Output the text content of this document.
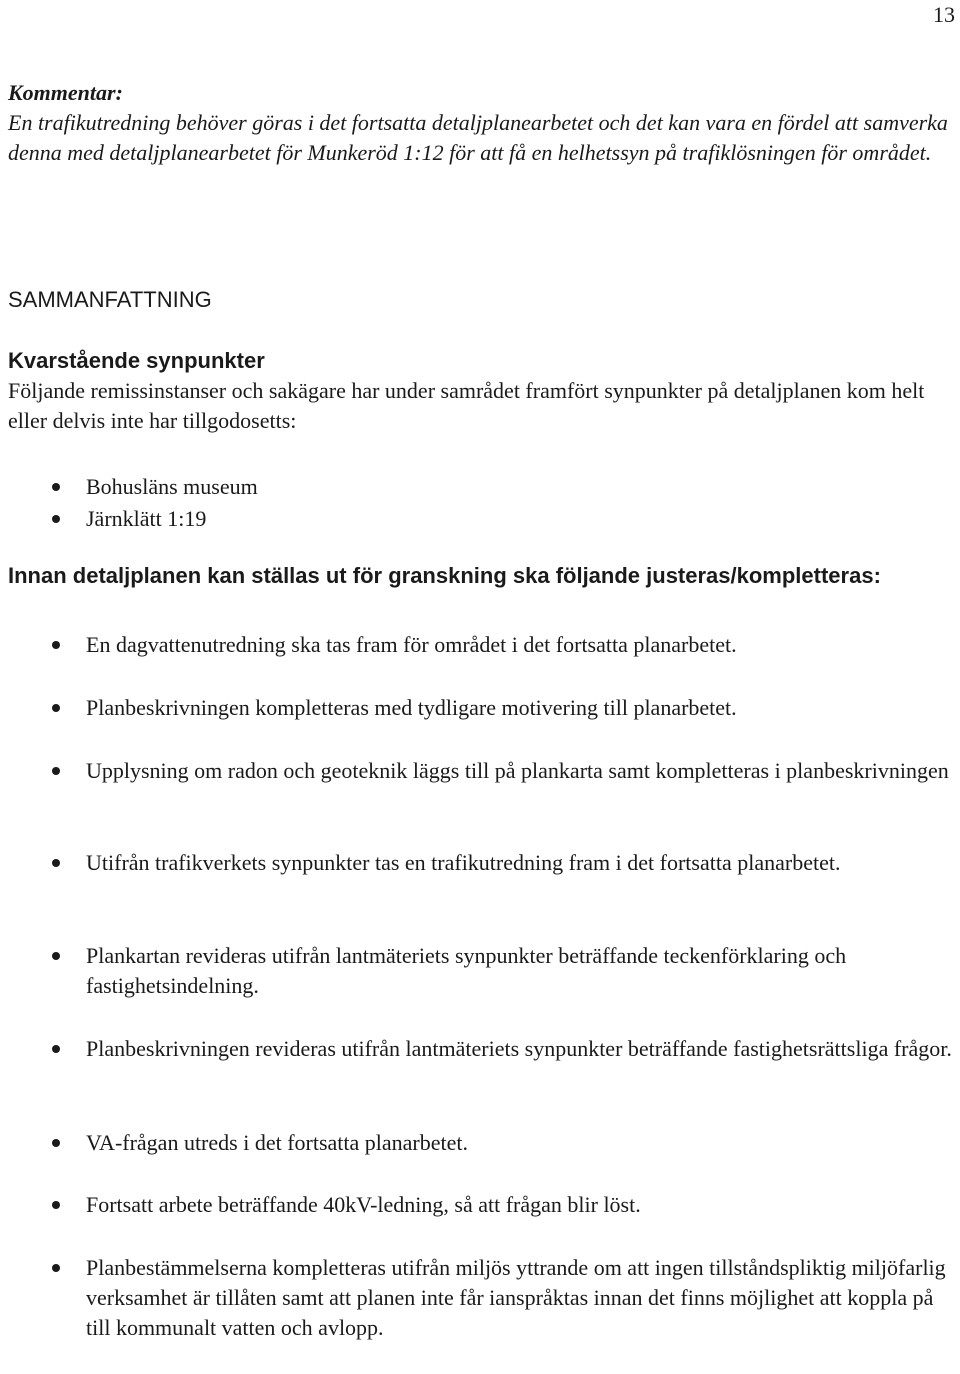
13

Kommentar:

En trafikutredning behöver göras i det fortsatta detaljplanearbetet och det kan vara en fördel att samverka denna med detaljplanearbetet för Munkeröd 1:12 för att få en helhetssyn på trafiklösningen för området.

SAMMANFATTNING
Kvarstående synpunkter

Följande remissinstanser och sakägare har under samrådet framfört synpunkter på detaljplanen kom helt eller delvis inte har tillgodosetts:

Bohusläns museum
Järnklätt 1:19
Innan detaljplanen kan ställas ut för granskning ska följande justeras/kompletteras:
En dagvattenutredning ska tas fram för området i det fortsatta planarbetet.
Planbeskrivningen kompletteras med tydligare motivering till planarbetet.
Upplysning om radon och geoteknik läggs till på plankarta samt kompletteras i planbeskrivningen
Utifrån trafikverkets synpunkter tas en trafikutredning fram i det fortsatta planarbetet.
Plankartan revideras utifrån lantmäteriets synpunkter beträffande teckenförklaring och fastighetsindelning.
Planbeskrivningen revideras utifrån lantmäteriets synpunkter beträffande fastighetsrättsliga frågor.
VA-frågan utreds i det fortsatta planarbetet.
Fortsatt arbete beträffande 40kV-ledning, så att frågan blir löst.
Planbestämmelserna kompletteras utifrån miljös yttrande om att ingen tillståndspliktig miljöfarlig verksamhet är tillåten samt att planen inte får ianspråktas innan det finns möjlighet att koppla på till kommunalt vatten och avlopp.
